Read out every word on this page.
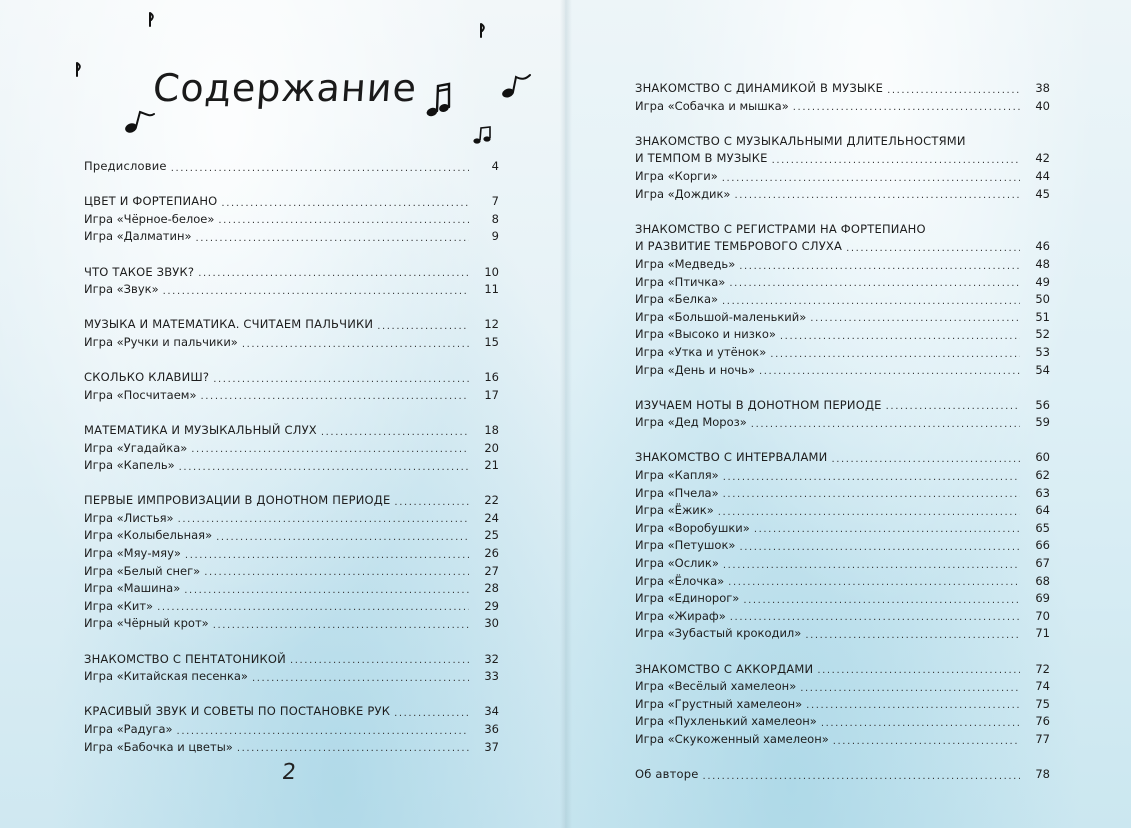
Содержание
Предисловие .....	4
ЦВЕТ И ФОРТЕПИАНО .....	7
Игра «Чёрное-белое» .....	8
Игра «Далматин» .....	9
ЧТО ТАКОЕ ЗВУК? .....	10
Игра «Звук» .....	11
МУЗЫКА И МАТЕМАТИКА. СЧИТАЕМ ПАЛЬЧИКИ .....	12
Игра «Ручки и пальчики» .....	15
СКОЛЬКО КЛАВИШ? .....	16
Игра «Посчитаем» .....	17
МАТЕМАТИКА И МУЗЫКАЛЬНЫЙ СЛУХ .....	18
Игра «Угадайка» .....	20
Игра «Капель» .....	21
ПЕРВЫЕ ИМПРОВИЗАЦИИ В ДОНОТНОМ ПЕРИОДЕ .....	22
Игра «Листья» .....	24
Игра «Колыбельная» .....	25
Игра «Мяу-мяу» .....	26
Игра «Белый снег» .....	27
Игра «Машина» .....	28
Игра «Кит» .....	29
Игра «Чёрный крот» .....	30
ЗНАКОМСТВО С ПЕНТАТОНИКОЙ .....	32
Игра «Китайская песенка» .....	33
КРАСИВЫЙ ЗВУК И СОВЕТЫ ПО ПОСТАНОВКЕ РУК .....	34
Игра «Радуга» .....	36
Игра «Бабочка и цветы» .....	37
2
ЗНАКОМСТВО С ДИНАМИКОЙ В МУЗЫКЕ .....	38
Игра «Собачка и мышка» .....	40
ЗНАКОМСТВО С МУЗЫКАЛЬНЫМИ ДЛИТЕЛЬНОСТЯМИ
И ТЕМПОМ В МУЗЫКЕ .....	42
Игра «Корги» .....	44
Игра «Дождик» .....	45
ЗНАКОМСТВО С РЕГИСТРАМИ НА ФОРТЕПИАНО
И РАЗВИТИЕ ТЕМБРОВОГО СЛУХА .....	46
Игра «Медведь» .....	48
Игра «Птичка» .....	49
Игра «Белка» .....	50
Игра «Большой-маленький» .....	51
Игра «Высоко и низко» .....	52
Игра «Утка и утёнок» .....	53
Игра «День и ночь» .....	54
ИЗУЧАЕМ НОТЫ В ДОНОТНОМ ПЕРИОДЕ .....	56
Игра «Дед Мороз» .....	59
ЗНАКОМСТВО С ИНТЕРВАЛАМИ .....	60
Игра «Капля» .....	62
Игра «Пчела» .....	63
Игра «Ёжик» .....	64
Игра «Воробушки» .....	65
Игра «Петушок» .....	66
Игра «Ослик» .....	67
Игра «Ёлочка» .....	68
Игра «Единорог» .....	69
Игра «Жираф» .....	70
Игра «Зубастый крокодил» .....	71
ЗНАКОМСТВО С АККОРДАМИ .....	72
Игра «Весёлый хамелеон» .....	74
Игра «Грустный хамелеон» .....	75
Игра «Пухленький хамелеон» .....	76
Игра «Скукоженный хамелеон» .....	77
Об авторе .....	78
